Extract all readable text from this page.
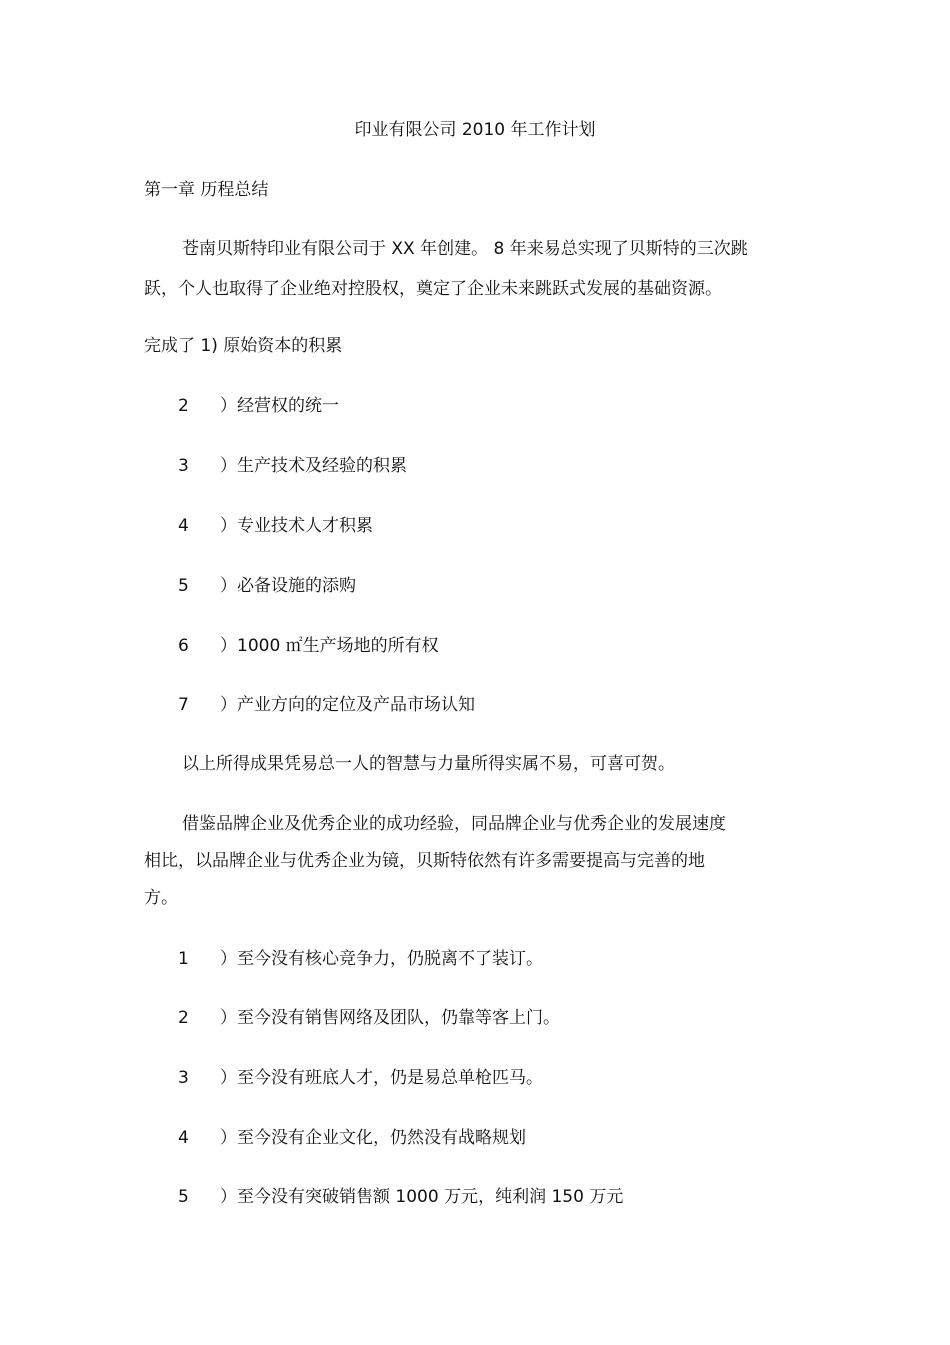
印业有限公司 2010 年工作计划
第一章 历程总结
苍南贝斯特印业有限公司于 XX 年创建。 8 年来易总实现了贝斯特的三次跳
跃，个人也取得了企业绝对控股权，奠定了企业未来跳跃式发展的基础资源。
完成了 1) 原始资本的积累
2 ）经营权的统一
3 ）生产技术及经验的积累
4 ）专业技术人才积累
5 ）必备设施的添购
6 ）1000 ㎡生产场地的所有权
7 ）产业方向的定位及产品市场认知
以上所得成果凭易总一人的智慧与力量所得实属不易，可喜可贺。
借鉴品牌企业及优秀企业的成功经验，同品牌企业与优秀企业的发展速度
相比，以品牌企业与优秀企业为镜，贝斯特依然有许多需要提高与完善的地
方。
1 ）至今没有核心竞争力，仍脱离不了装订。
2 ）至今没有销售网络及团队，仍靠等客上门。
3 ）至今没有班底人才，仍是易总单枪匹马。
4 ）至今没有企业文化，仍然没有战略规划
5 ）至今没有突破销售额 1000 万元，纯利润 150 万元
